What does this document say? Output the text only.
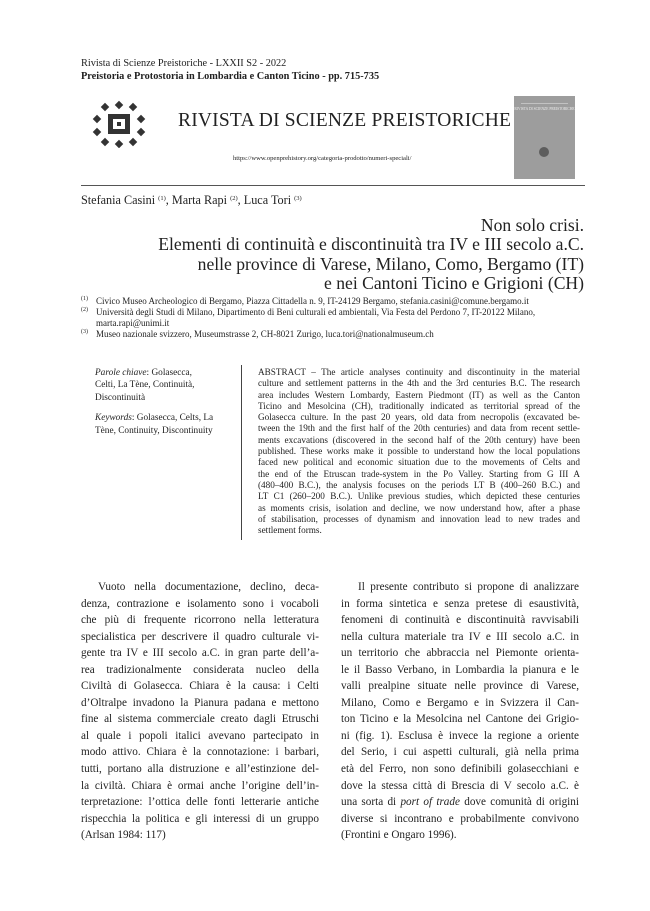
Rivista di Scienze Preistoriche - LXXII S2 - 2022
Preistoria e Protostoria in Lombardia e Canton Ticino - pp. 715-735
RIVISTA DI SCIENZE PREISTORICHE
https://www.openprehistory.org/categoria-prodotto/numeri-speciali/
RIVISTA DI SCIENZE PREISTORICHE
Stefania Casini $^{(1)}$, Marta Rapi $^{(2)}$, Luca Tori $^{(3)}$
Non solo crisi.
Elementi di continuità e discontinuità tra IV e III secolo a.C.
nelle province di Varese, Milano, Como, Bergamo (IT)
e nei Cantoni Ticino e Grigioni (CH)
(1) Civico Museo Archeologico di Bergamo, Piazza Cittadella n. 9, IT-24129 Bergamo, stefania.casini@comune.bergamo.it
(2) Università degli Studi di Milano, Dipartimento di Beni culturali ed ambientali, Via Festa del Perdono 7, IT-20122 Milano,
marta.rapi@unimi.it
(3) Museo nazionale svizzero, Museumstrasse 2, CH-8021 Zurigo, luca.tori@nationalmuseum.ch
Parole chiave: Golasecca,
Celti, La Tène, Continuità,
Discontinuità
Keywords: Golasecca, Celts, La
Tène, Continuity, Discontinuity
ABSTRACT – The article analyses continuity and discontinuity in the material
culture and settlement patterns in the 4th and the 3rd centuries B.C. The research
area includes Western Lombardy, Eastern Piedmont (IT) as well as the Canton
Ticino and Mesolcina (CH), traditionally indicated as territorial spread of the
Golasecca culture. In the past 20 years, old data from necropolis (excavated be-
tween the 19th and the first half of the 20th centuries) and data from recent settle-
ments excavations (discovered in the second half of the 20th century) have been
published. These works make it possible to understand how the local populations
faced new political and economic situation due to the movements of Celts and
the end of the Etruscan trade-system in the Po Valley. Starting from G III A
(480–400 B.C.), the analysis focuses on the periods LT B (400–260 B.C.) and
LT C1 (260–200 B.C.). Unlike previous studies, which depicted these centuries
as moments crisis, isolation and decline, we now understand how, after a phase
of stabilisation, processes of dynamism and innovation lead to new trades and
settlement forms.
Vuoto nella documentazione, declino, deca-
denza, contrazione e isolamento sono i vocaboli
che più di frequente ricorrono nella letteratura
specialistica per descrivere il quadro culturale vi-
gente tra IV e III secolo a.C. in gran parte dell’a-
rea tradizionalmente considerata nucleo della
Civiltà di Golasecca. Chiara è la causa: i Celti
d’Oltralpe invadono la Pianura padana e mettono
fine al sistema commerciale creato dagli Etruschi
al quale i popoli italici avevano partecipato in
modo attivo. Chiara è la connotazione: i barbari,
tutti, portano alla distruzione e all’estinzione del-
la civiltà. Chiara è ormai anche l’origine dell’in-
terpretazione: l’ottica delle fonti letterarie antiche
rispecchia la politica e gli interessi di un gruppo
(Arlsan 1984: 117)
Il presente contributo si propone di analizzare
in forma sintetica e senza pretese di esaustività,
fenomeni di continuità e discontinuità ravvisabili
nella cultura materiale tra IV e III secolo a.C. in
un territorio che abbraccia nel Piemonte orienta-
le il Basso Verbano, in Lombardia la pianura e le
valli prealpine situate nelle province di Varese,
Milano, Como e Bergamo e in Svizzera il Can-
ton Ticino e la Mesolcina nel Cantone dei Grigio-
ni (fig. 1). Esclusa è invece la regione a oriente
del Serio, i cui aspetti culturali, già nella prima
età del Ferro, non sono definibili golasecchiani e
dove la stessa città di Brescia di V secolo a.C. è
una sorta di port of trade dove comunità di origini
diverse si incontrano e probabilmente convivono
(Frontini e Ongaro 1996).
